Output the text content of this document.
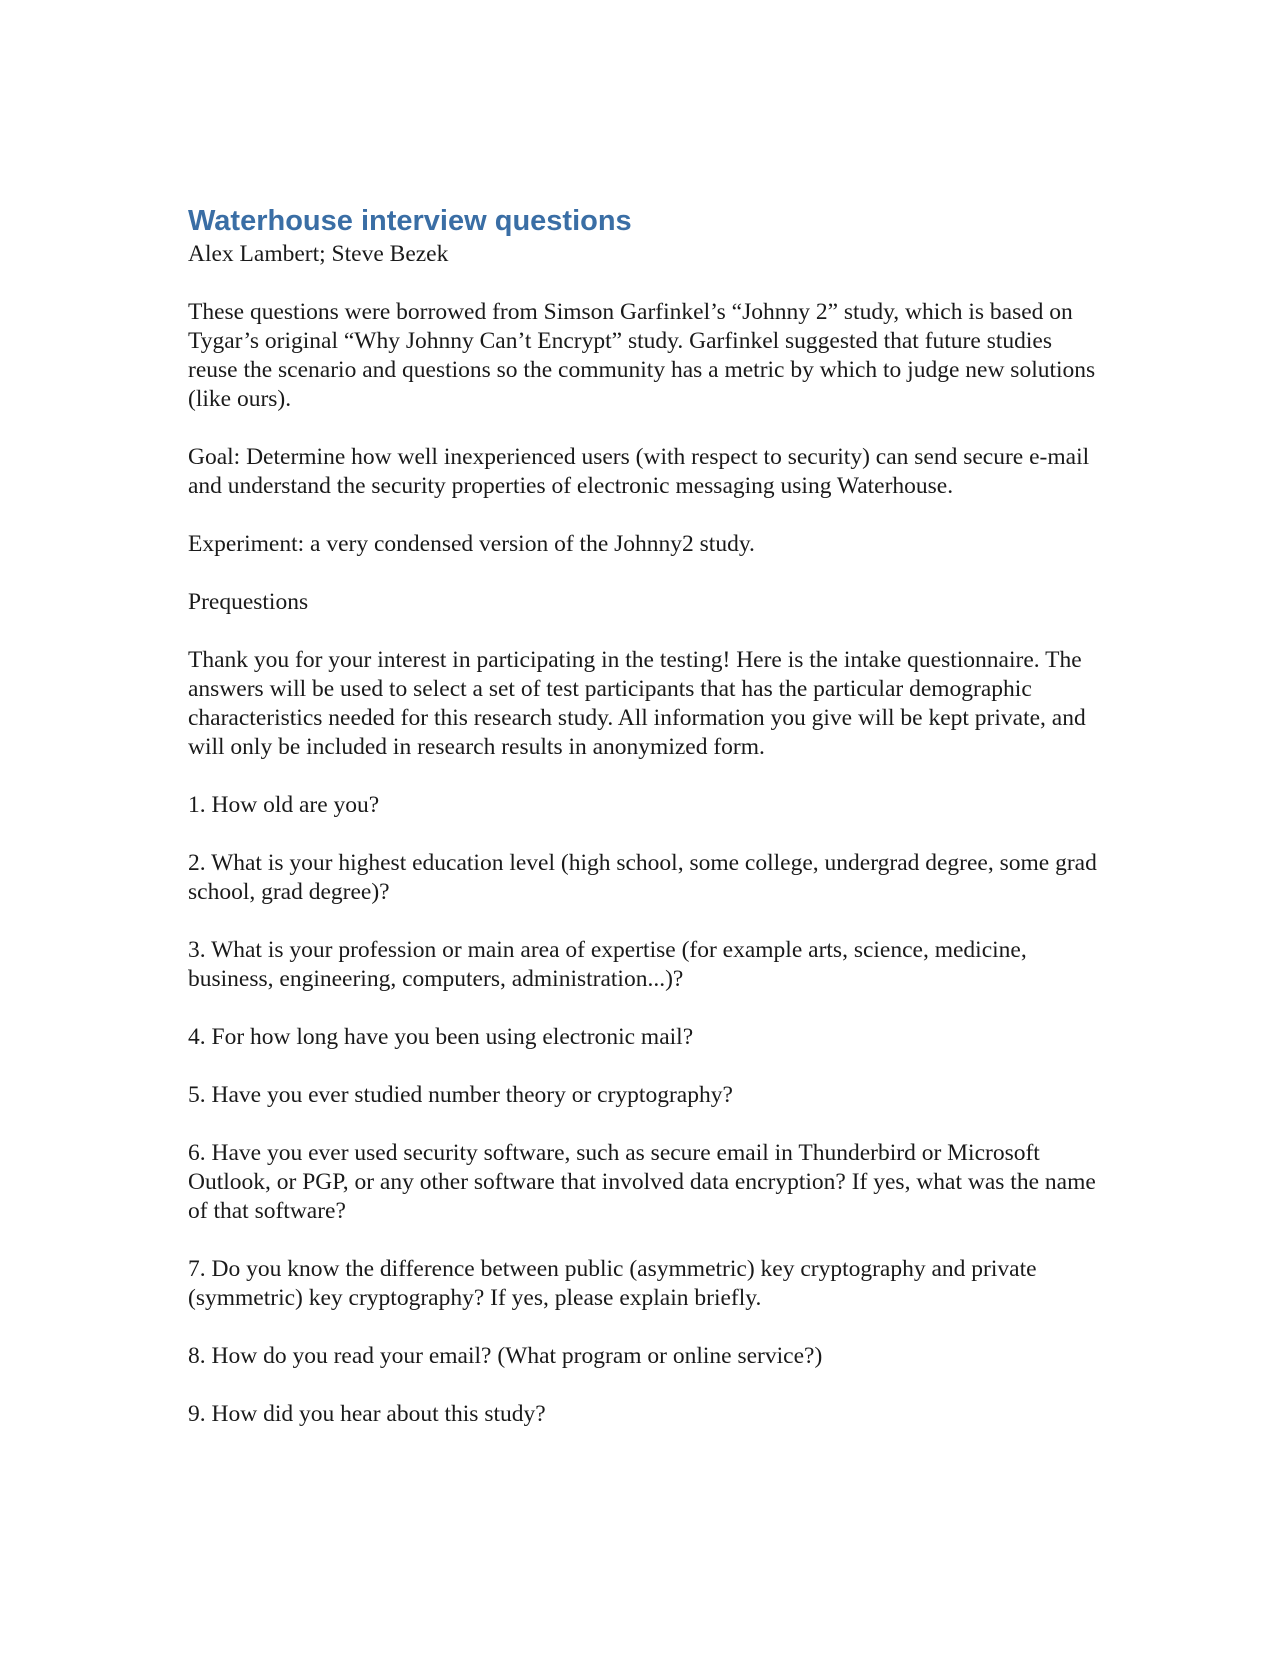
Waterhouse interview questions

Alex Lambert; Steve Bezek

These questions were borrowed from Simson Garfinkel’s “Johnny 2” study, which is based on Tygar’s original “Why Johnny Can’t Encrypt” study. Garfinkel suggested that future studies reuse the scenario and questions so the community has a metric by which to judge new solutions (like ours).

Goal: Determine how well inexperienced users (with respect to security) can send secure e-mail and understand the security properties of electronic messaging using Waterhouse.

Experiment: a very condensed version of the Johnny2 study.

Prequestions

Thank you for your interest in participating in the testing! Here is the intake questionnaire. The answers will be used to select a set of test participants that has the particular demographic characteristics needed for this research study. All information you give will be kept private, and will only be included in research results in anonymized form.

1. How old are you?
2. What is your highest education level (high school, some college, undergrad degree, some grad school, grad degree)?
3. What is your profession or main area of expertise (for example arts, science, medicine, business, engineering, computers, administration...)?
4. For how long have you been using electronic mail?
5. Have you ever studied number theory or cryptography?
6. Have you ever used security software, such as secure email in Thunderbird or Microsoft Outlook, or PGP, or any other software that involved data encryption? If yes, what was the name of that software?
7. Do you know the difference between public (asymmetric) key cryptography and private (symmetric) key cryptography? If yes, please explain briefly.
8. How do you read your email? (What program or online service?)
9. How did you hear about this study?
